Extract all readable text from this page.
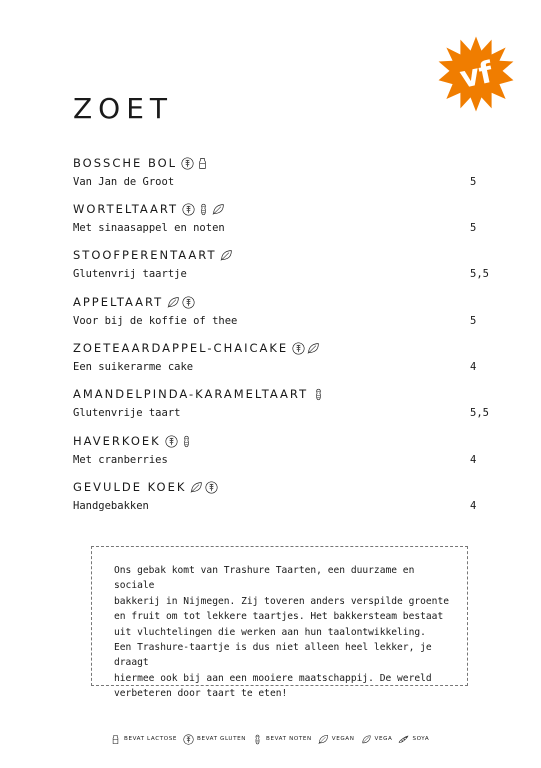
vf
ZOET
BOSSCHE BOL
Van Jan de Groot	5
WORTELTAART
Met sinaasappel en noten	5
STOOFPERENTAART
Glutenvrij taartje	5,5
APPELTAART
Voor bij de koffie of thee	5
ZOETEAARDAPPEL-CHAICAKE
Een suikerarme cake	4
AMANDELPINDA-KARAMELTAART
Glutenvrije taart	5,5
HAVERKOEK
Met cranberries	4
GEVULDE KOEK
Handgebakken	4

Ons gebak komt van Trashure Taarten, een duurzame en sociale
bakkerij in Nijmegen. Zij toveren anders verspilde groente
en fruit om tot lekkere taartjes. Het bakkersteam bestaat
uit vluchtelingen die werken aan hun taalontwikkeling.
Een Trashure-taartje is dus niet alleen heel lekker, je draagt
hiermee ook bij aan een mooiere maatschappij. De wereld
verbeteren door taart te eten!

BEVAT LACTOSE	BEVAT GLUTEN	BEVAT NOTEN	VEGAN	VEGA	SOYA
